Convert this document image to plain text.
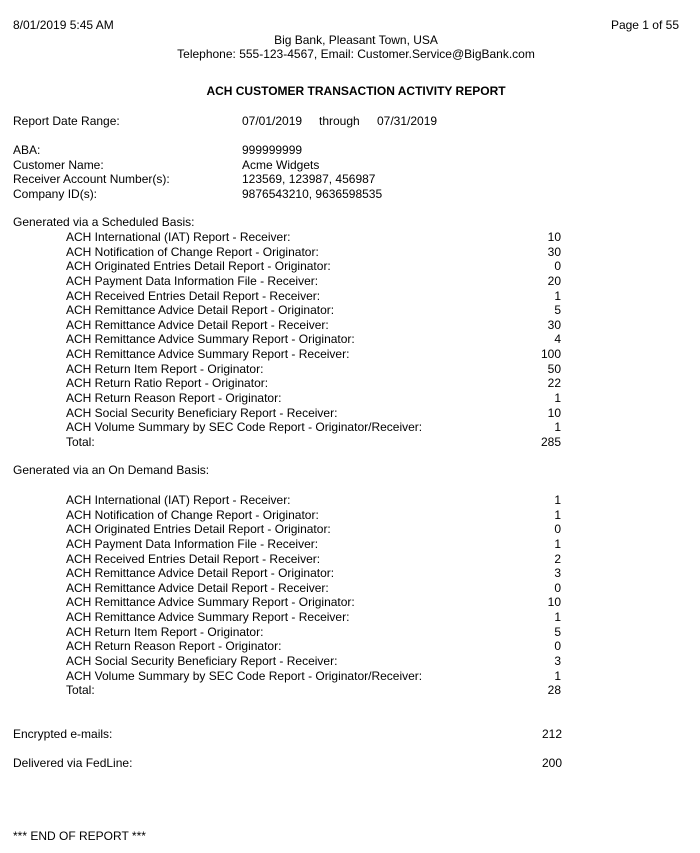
8/01/2019 5:45 AM	Page 1 of 55
Big Bank, Pleasant Town, USA
Telephone: 555-123-4567, Email: Customer.Service@BigBank.com
ACH CUSTOMER TRANSACTION ACTIVITY REPORT
Report Date Range:	07/01/2019 through 07/31/2019
ABA:	999999999
Customer Name:	Acme Widgets
Receiver Account Number(s):	123569, 123987, 456987
Company ID(s):	9876543210, 9636598535
Generated via a Scheduled Basis:
ACH International (IAT) Report - Receiver:	10
ACH Notification of Change Report - Originator:	30
ACH Originated Entries Detail Report - Originator:	0
ACH Payment Data Information File - Receiver:	20
ACH Received Entries Detail Report - Receiver:	1
ACH Remittance Advice Detail Report - Originator:	5
ACH Remittance Advice Detail Report - Receiver:	30
ACH Remittance Advice Summary Report - Originator:	4
ACH Remittance Advice Summary Report - Receiver:	100
ACH Return Item Report - Originator:	50
ACH Return Ratio Report - Originator:	22
ACH Return Reason Report - Originator:	1
ACH Social Security Beneficiary Report - Receiver:	10
ACH Volume Summary by SEC Code Report - Originator/Receiver:	1
Total:	285
Generated via an On Demand Basis:
ACH International (IAT) Report - Receiver:	1
ACH Notification of Change Report - Originator:	1
ACH Originated Entries Detail Report - Originator:	0
ACH Payment Data Information File - Receiver:	1
ACH Received Entries Detail Report - Receiver:	2
ACH Remittance Advice Detail Report - Originator:	3
ACH Remittance Advice Detail Report - Receiver:	0
ACH Remittance Advice Summary Report - Originator:	10
ACH Remittance Advice Summary Report - Receiver:	1
ACH Return Item Report - Originator:	5
ACH Return Reason Report - Originator:	0
ACH Social Security Beneficiary Report - Receiver:	3
ACH Volume Summary by SEC Code Report - Originator/Receiver:	1
Total:	28
Encrypted e-mails:	212
Delivered via FedLine:	200
*** END OF REPORT ***
